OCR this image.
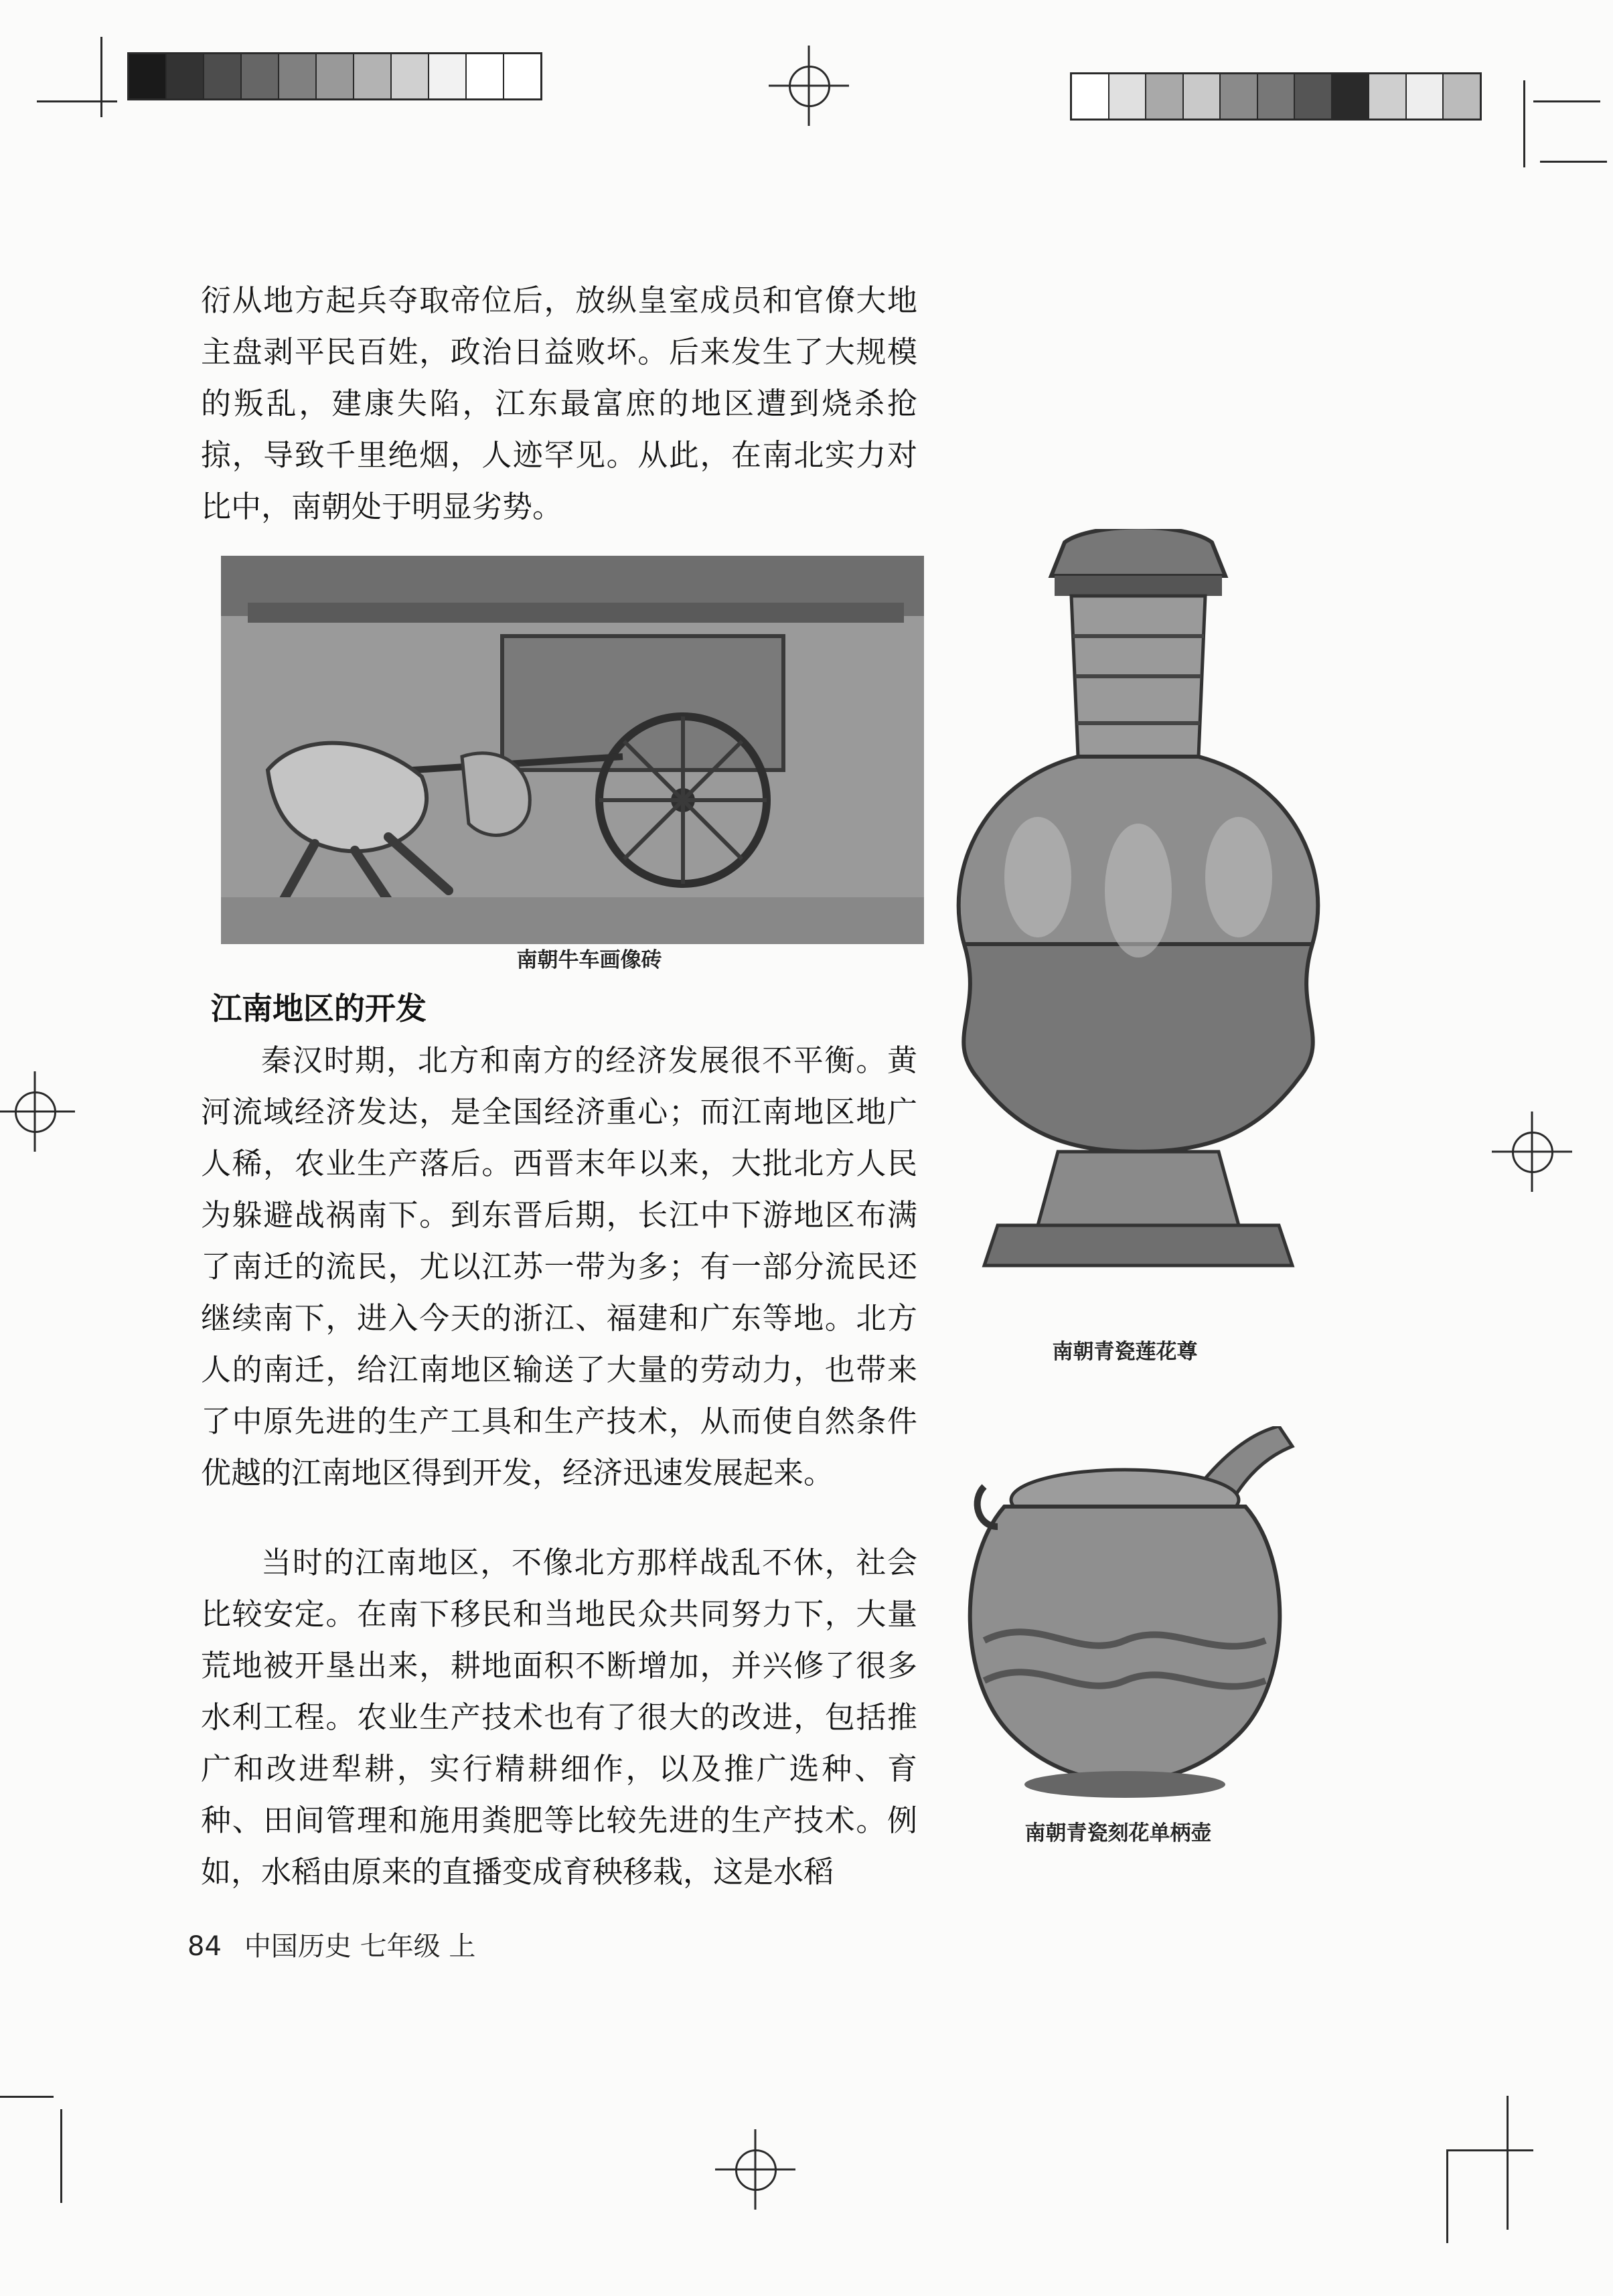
衍从地方起兵夺取帝位后，放纵皇室成员和官僚大地主盘剥平民百姓，政治日益败坏。后来发生了大规模的叛乱，建康失陷，江东最富庶的地区遭到烧杀抢掠，导致千里绝烟，人迹罕见。从此，在南北实力对比中，南朝处于明显劣势。

南朝牛车画像砖
江南地区的开发

秦汉时期，北方和南方的经济发展很不平衡。黄河流域经济发达，是全国经济重心；而江南地区地广人稀，农业生产落后。西晋末年以来，大批北方人民为躲避战祸南下。到东晋后期，长江中下游地区布满了南迁的流民，尤以江苏一带为多；有一部分流民还继续南下，进入今天的浙江、福建和广东等地。北方人的南迁，给江南地区输送了大量的劳动力，也带来了中原先进的生产工具和生产技术，从而使自然条件优越的江南地区得到开发，经济迅速发展起来。

当时的江南地区，不像北方那样战乱不休，社会比较安定。在南下移民和当地民众共同努力下，大量荒地被开垦出来，耕地面积不断增加，并兴修了很多水利工程。农业生产技术也有了很大的改进，包括推广和改进犁耕，实行精耕细作，以及推广选种、育种、田间管理和施用粪肥等比较先进的生产技术。例如，水稻由原来的直播变成育秧移栽，这是水稻

南朝青瓷莲花尊
南朝青瓷刻花单柄壶
84 中国历史 七年级 上
